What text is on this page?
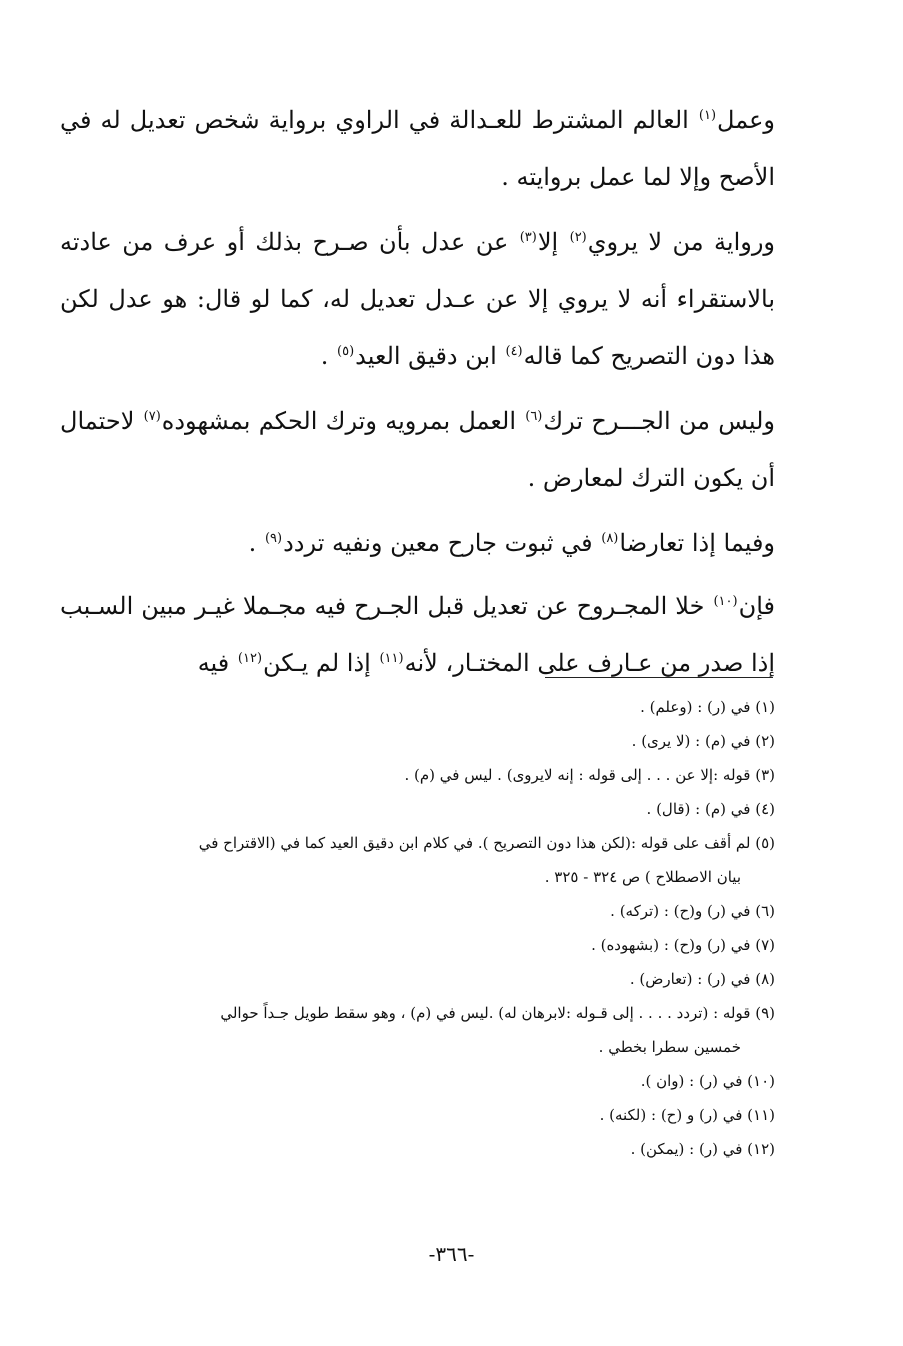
وعمل$^{(١)}$ العالم المشترط للعـدالة في الراوي برواية شخص تعديل له في الأصح وإلا لما عمل بروايته .

ورواية من لا يروي$^{(٢)}$ إلا$^{(٣)}$ عن عدل بأن صـرح بذلك أو عرف من عادته بالاستقراء أنه لا يروي إلا عن عـدل تعديل له، كما لو قال: هو عدل لكن هذا دون التصريح كما قاله$^{(٤)}$ ابن دقيق العيد$^{(٥)}$ .

وليس من الجـــرح ترك$^{(٦)}$ العمل بمرويه وترك الحكم بمشهوده$^{(٧)}$ لاحتمال أن يكون الترك لمعارض .

وفيما إذا تعارضا$^{(٨)}$ في ثبوت جارح معين ونفيه تردد$^{(٩)}$ .

فإن$^{(١٠)}$ خلا المجـروح عن تعديل قبل الجـرح فيه مجـملا غيـر مبين السـبب إذا صدر من عـارف على المختـار، لأنه$^{(١١)}$ إذا لم يـكن$^{(١٢)}$ فيه

(١) في (ر) : (وعلم) .

(٢) في (م) : (لا يرى) .

(٣) قوله :إلا عن . . . إلى قوله : إنه لايروى) . ليس في (م) .

(٤) في (م) : (قال) .

(٥) لم أقف على قوله :(لكن هذا دون التصريح ). في كلام ابن دقيق العيد كما في (الاقتراح في
بيان الاصطلاح ) ص ٣٢٤ - ٣٢٥ .

(٦) في (ر) و(ح) : (تركه) .

(٧) في (ر) و(ح) : (بشهوده) .

(٨) في (ر) : (تعارض) .

(٩) قوله : (تردد . . . . إلى قـوله :لابرهان له) .ليس في (م) ، وهو سقط طويل جـداً حوالي
خمسين سطرا بخطي .

(١٠) في (ر) : (وان ).

(١١) في (ر) و (ح) : (لكنه) .

(١٢) في (ر) : (يمكن) .

-٣٦٦-
